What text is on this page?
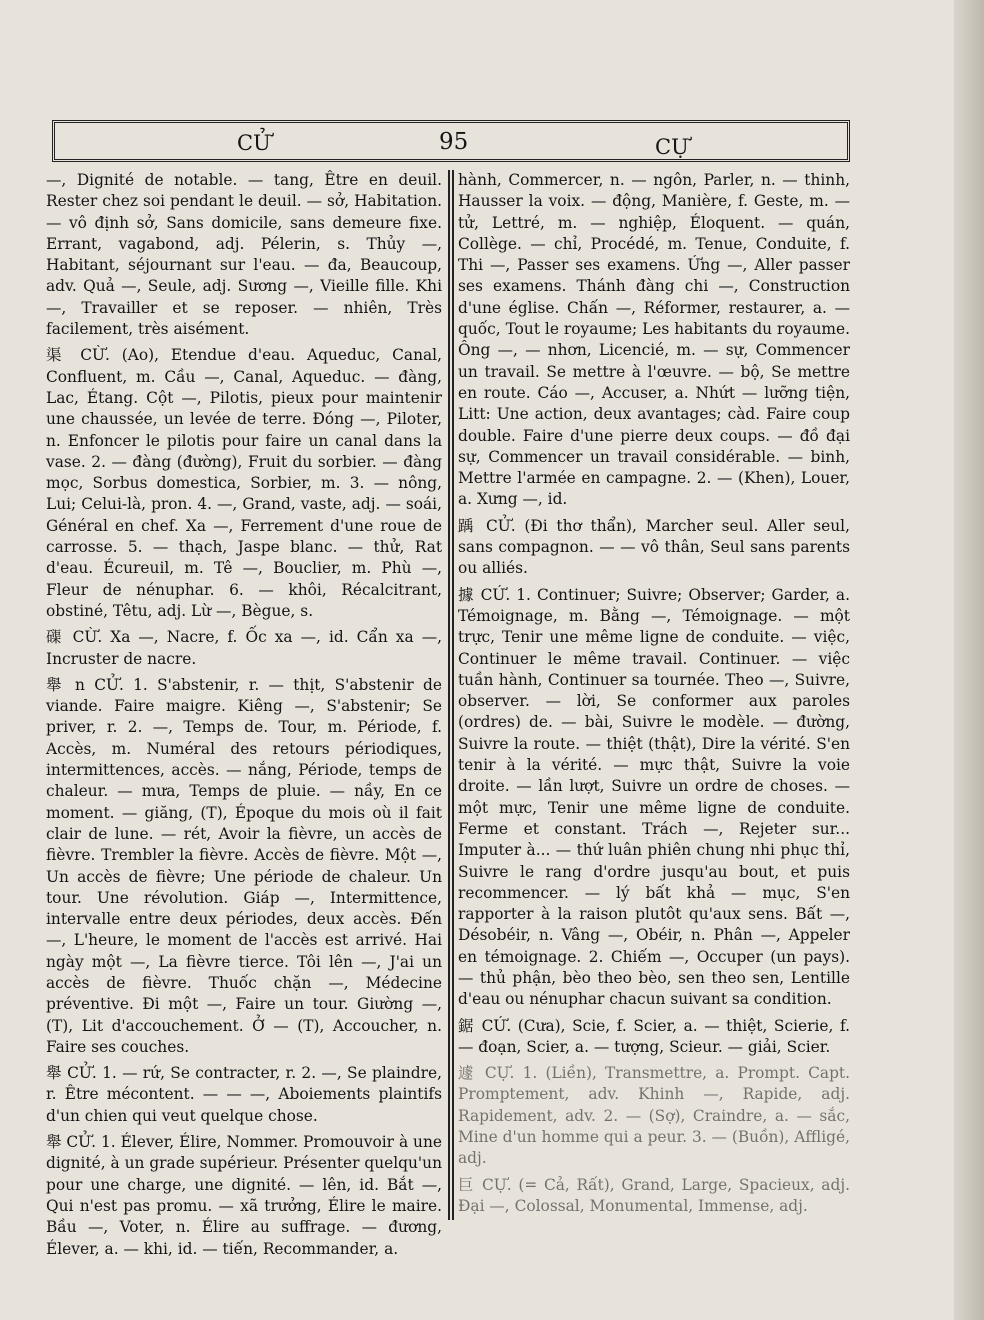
CỬ	95	CỰ

—, Dignité de notable. — tang, Être en deuil. Rester chez soi pendant le deuil. — sở, Habitation. — vô định sở, Sans domicile, sans demeure fixe. Errant, vagabond, adj. Pélerin, s. Thủy —, Habitant, séjournant sur l'eau. — đa, Beaucoup, adv. Quả —, Seule, adj. Sương —, Vieille fille. Khi —, Travailler et se reposer. — nhiên, Très facilement, très aisément.

渠 CỪ. (Ao), Etendue d'eau. Aqueduc, Canal, Confluent, m. Cầu —, Canal, Aqueduc. — đàng, Lac, Étang. Cột —, Pilotis, pieux pour maintenir une chaussée, un levée de terre. Đóng —, Piloter, n. Enfoncer le pilotis pour faire un canal dans la vase. 2. — đàng (đường), Fruit du sorbier. — đàng mọc, Sorbus domestica, Sorbier, m. 3. — nông, Lui; Celui-là, pron. 4. —, Grand, vaste, adj. — soái, Général en chef. Xa —, Ferrement d'une roue de carrosse. 5. — thạch, Jaspe blanc. — thử, Rat d'eau. Écureuil, m. Tê —, Bouclier, m. Phù —, Fleur de nénuphar. 6. — khôi, Récalcitrant, obstiné, Têtu, adj. Lừ —, Bègue, s.

磲 CỪ. Xa —, Nacre, f. Ốc xa —, id. Cẩn xa —, Incruster de nacre.

舉 n CỬ. 1. S'abstenir, r. — thịt, S'abstenir de viande. Faire maigre. Kiêng —, S'abstenir; Se priver, r. 2. —, Temps de. Tour, m. Période, f. Accès, m. Numéral des retours périodiques, intermittences, accès. — nắng, Période, temps de chaleur. — mưa, Temps de pluie. — nầy, En ce moment. — giăng, (T), Époque du mois où il fait clair de lune. — rét, Avoir la fièvre, un accès de fièvre. Trembler la fièvre. Accès de fièvre. Một —, Un accès de fièvre; Une période de chaleur. Un tour. Une révolution. Giáp —, Intermittence, intervalle entre deux périodes, deux accès. Đến —, L'heure, le moment de l'accès est arrivé. Hai ngày một —, La fièvre tierce. Tôi lên —, J'ai un accès de fièvre. Thuốc chặn —, Médecine préventive. Đi một —, Faire un tour. Giường —, (T), Lit d'accouchement. Ở — (T), Accoucher, n. Faire ses couches.

舉 CỬ. 1. — rứ, Se contracter, r. 2. —, Se plaindre, r. Être mécontent. — — —, Aboiements plaintifs d'un chien qui veut quelque chose.

舉 CỬ. 1. Élever, Élire, Nommer. Promouvoir à une dignité, à un grade supérieur. Présenter quelqu'un pour une charge, une dignité. — lên, id. Bắt —, Qui n'est pas promu. — xã trưởng, Élire le maire. Bầu —, Voter, n. Élire au suffrage. — đương, Élever, a. — khi, id. — tiến, Recommander, a.

hành, Commercer, n. — ngôn, Parler, n. — thinh, Hausser la voix. — động, Manière, f. Geste, m. — tử, Lettré, m. — nghiệp, Éloquent. — quán, Collège. — chỉ, Procédé, m. Tenue, Conduite, f. Thi —, Passer ses examens. Ứng —, Aller passer ses examens. Thánh đàng chi —, Construction d'une église. Chấn —, Réformer, restaurer, a. — quốc, Tout le royaume; Les habitants du royaume. Ông —, — nhơn, Licencié, m. — sự, Commencer un travail. Se mettre à l'œuvre. — bộ, Se mettre en route. Cáo —, Accuser, a. Nhứt — lưỡng tiện, Litt: Une action, deux avantages; càd. Faire coup double. Faire d'une pierre deux coups. — đồ đại sự, Commencer un travail considérable. — binh, Mettre l'armée en campagne. 2. — (Khen), Louer, a. Xưng —, id.

踽 CỬ. (Đi thơ thẩn), Marcher seul. Aller seul, sans compagnon. — — vô thân, Seul sans parents ou alliés.

據 CỨ. 1. Continuer; Suivre; Observer; Garder, a. Témoignage, m. Bằng —, Témoignage. — một trực, Tenir une même ligne de conduite. — việc, Continuer le même travail. Continuer. — việc tuần hành, Continuer sa tournée. Theo —, Suivre, observer. — lời, Se conformer aux paroles (ordres) de. — bài, Suivre le modèle. — đường, Suivre la route. — thiệt (thật), Dire la vérité. S'en tenir à la vérité. — mực thật, Suivre la voie droite. — lần lượt, Suivre un ordre de choses. — một mực, Tenir une même ligne de conduite. Ferme et constant. Trách —, Rejeter sur... Imputer à... — thứ luân phiên chung nhi phục thỉ, Suivre le rang d'ordre jusqu'au bout, et puis recommencer. — lý bất khả — mục, S'en rapporter à la raison plutôt qu'aux sens. Bất —, Désobéir, n. Vâng —, Obéir, n. Phân —, Appeler en témoignage. 2. Chiếm —, Occuper (un pays). — thủ phận, bèo theo bèo, sen theo sen, Lentille d'eau ou nénuphar chacun suivant sa condition.

鋸 CỨ. (Cưa), Scie, f. Scier, a. — thiệt, Scierie, f. — đoạn, Scier, a. — tượng, Scieur. — giải, Scier.

遽 CỰ. 1. (Liền), Transmettre, a. Prompt. Capt. Promptement, adv. Khinh —, Rapide, adj. Rapidement, adv. 2. — (Sợ), Craindre, a. — sắc, Mine d'un homme qui a peur. 3. — (Buồn), Affligé, adj.

巨 CỰ. (= Cả, Rất), Grand, Large, Spacieux, adj. Đại —, Colossal, Monumental, Immense, adj.
